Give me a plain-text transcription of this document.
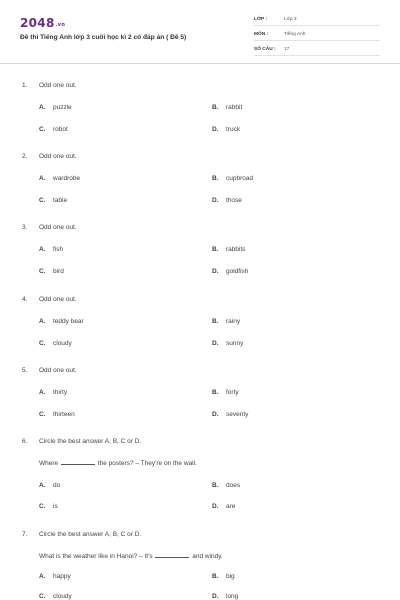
2048.vn
Đề thi Tiếng Anh lớp 3 cuối học kì 2 có đáp án ( Đề 5)
LỚP :	Lớp 3
MÔN :	Tiếng Anh
SỐ CÂU : 17
1. Odd one out.
A. puzzle	B. rabbit
C. robot	D. truck
2. Odd one out.
A. wardrobe	B. cupbroad
C. table	D. those
3. Odd one out.
A. fish	B. rabbits
C. bird	D. goldfish
4. Odd one out.
A. teddy bear	B. rainy
C. cloudy	D. sunny
5. Odd one out.
A. thirty	B. forty
C. thirteen	D. seventy
6. Circle the best answer A, B, C or D.
Where	the posters? – They're on the wall.
A. do	B. does
C. is	D. are
7. Circle the best answer A, B, C or D.
What is the weather like in Hanoi? – It's	and windy.
A. happy	B. big
C. cloudy	D. long
